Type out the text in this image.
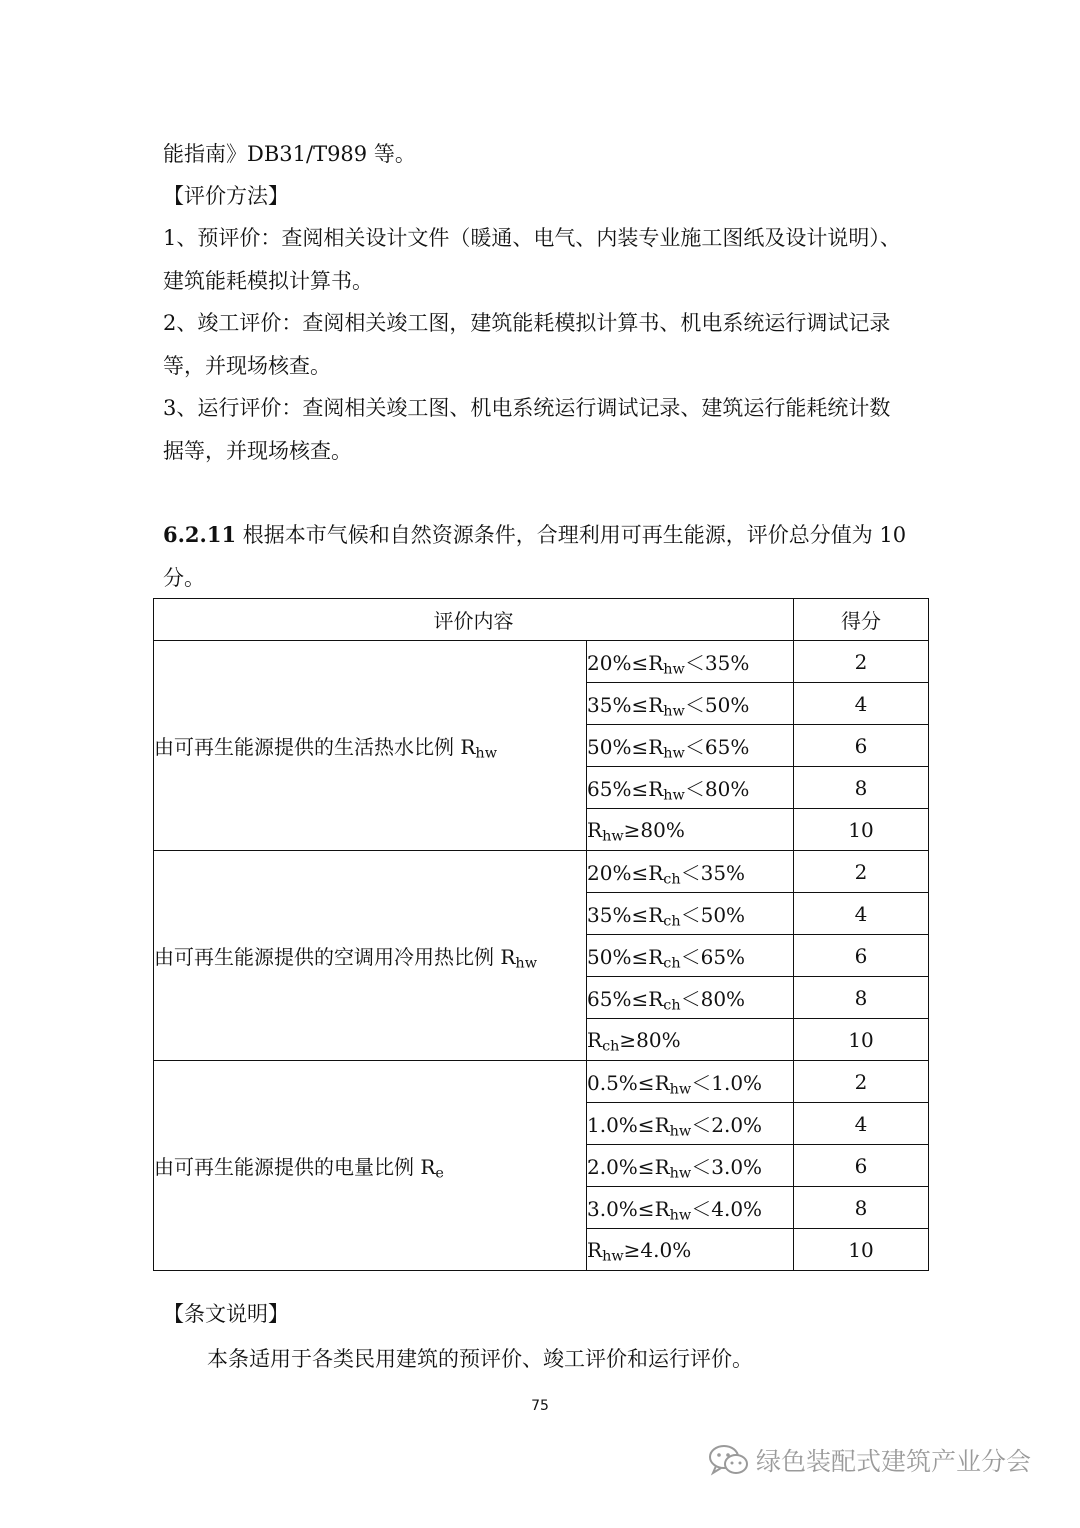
能指南》DB31/T989 等。

【评价方法】

1、预评价：查阅相关设计文件（暖通、电气、内装专业施工图纸及设计说明）、

建筑能耗模拟计算书。

2、竣工评价：查阅相关竣工图，建筑能耗模拟计算书、机电系统运行调试记录

等，并现场核查。

3、运行评价：查阅相关竣工图、机电系统运行调试记录、建筑运行能耗统计数

据等，并现场核查。

6.2.11 根据本市气候和自然资源条件，合理利用可再生能源，评价总分值为 10

分。

评价内容		得分
由可再生能源提供的生活热水比例 $R_{hw}$	$20\%\le R_{hw}<35\%$	2
	$35\%\le R_{hw}<50\%$	4
	$50\%\le R_{hw}<65\%$	6
	$65\%\le R_{hw}<80\%$	8
	$R_{hw}\ge 80\%$	10
由可再生能源提供的空调用冷用热比例 $R_{hw}$	$20\%\le R_{ch}<35\%$	2
	$35\%\le R_{ch}<50\%$	4
	$50\%\le R_{ch}<65\%$	6
	$65\%\le R_{ch}<80\%$	8
	$R_{ch}\ge 80\%$	10
由可再生能源提供的电量比例 $R_e$	$0.5\%\le R_{hw}<1.0\%$	2
	$1.0\%\le R_{hw}<2.0\%$	4
	$2.0\%\le R_{hw}<3.0\%$	6
	$3.0\%\le R_{hw}<4.0\%$	8
	$R_{hw}\ge 4.0\%$	10

【条文说明】

本条适用于各类民用建筑的预评价、竣工评价和运行评价。

75
绿色装配式建筑产业分会
